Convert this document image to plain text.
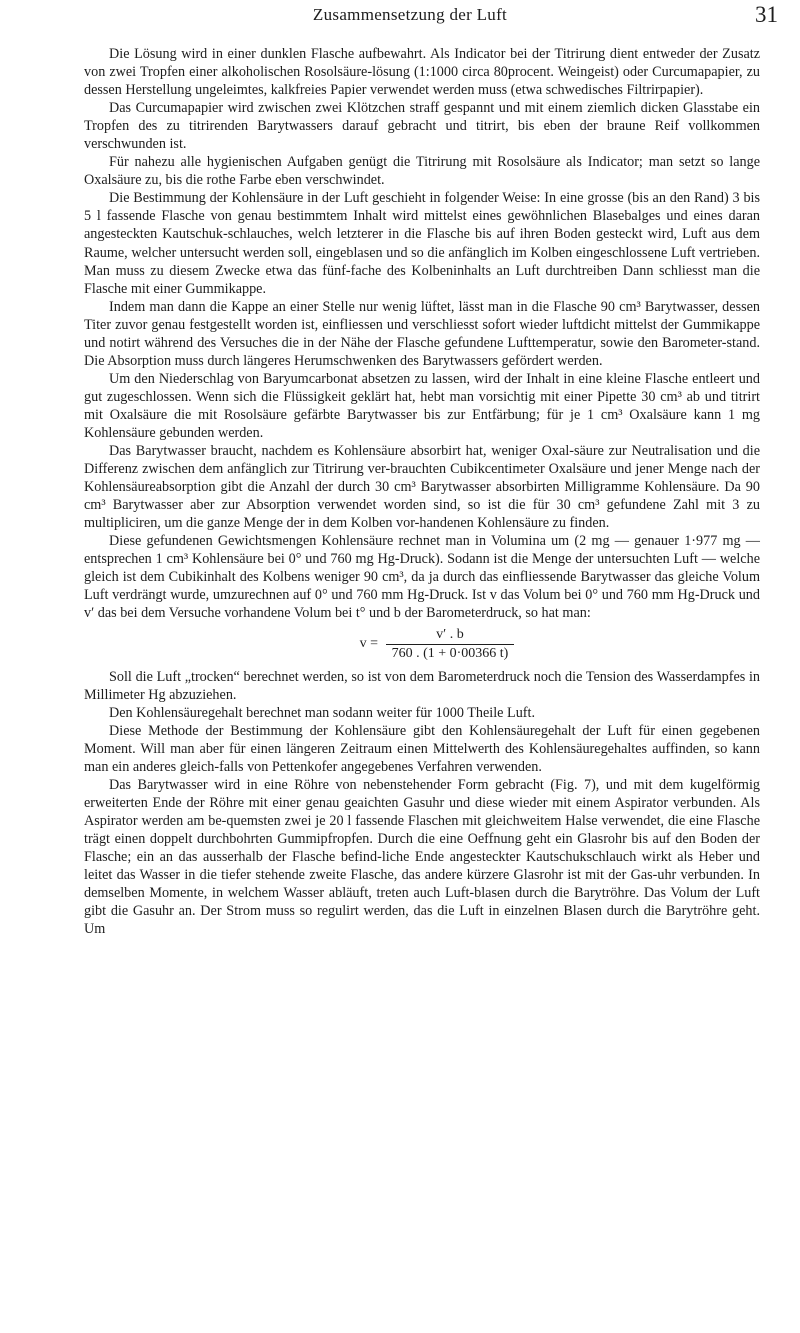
Zusammensetzung der Luft	31

Die Lösung wird in einer dunklen Flasche aufbewahrt. Als Indicator bei der Titrirung dient entweder der Zusatz von zwei Tropfen einer alkoholischen Rosolsäure-lösung (1:1000 circa 80procent. Weingeist) oder Curcumapapier, zu dessen Herstellung ungeleimtes, kalkfreies Papier verwendet werden muss (etwa schwedisches Filtrirpapier).

Das Curcumapapier wird zwischen zwei Klötzchen straff gespannt und mit einem ziemlich dicken Glasstabe ein Tropfen des zu titrirenden Barytwassers darauf gebracht und titrirt, bis eben der braune Reif vollkommen verschwunden ist.

Für nahezu alle hygienischen Aufgaben genügt die Titrirung mit Rosolsäure als Indicator; man setzt so lange Oxalsäure zu, bis die rothe Farbe eben verschwindet.

Die Bestimmung der Kohlensäure in der Luft geschieht in folgender Weise: In eine grosse (bis an den Rand) 3 bis 5 l fassende Flasche von genau bestimmtem Inhalt wird mittelst eines gewöhnlichen Blasebalges und eines daran angesteckten Kautschuk-schlauches, welch letzterer in die Flasche bis auf ihren Boden gesteckt wird, Luft aus dem Raume, welcher untersucht werden soll, eingeblasen und so die anfänglich im Kolben eingeschlossene Luft vertrieben. Man muss zu diesem Zwecke etwa das fünf-fache des Kolbeninhalts an Luft durchtreiben Dann schliesst man die Flasche mit einer Gummikappe.

Indem man dann die Kappe an einer Stelle nur wenig lüftet, lässt man in die Flasche 90 cm³ Barytwasser, dessen Titer zuvor genau festgestellt worden ist, einfliessen und verschliesst sofort wieder luftdicht mittelst der Gummikappe und notirt während des Versuches die in der Nähe der Flasche gefundene Lufttemperatur, sowie den Barometer-stand. Die Absorption muss durch längeres Herumschwenken des Barytwassers gefördert werden.

Um den Niederschlag von Baryumcarbonat absetzen zu lassen, wird der Inhalt in eine kleine Flasche entleert und gut zugeschlossen. Wenn sich die Flüssigkeit geklärt hat, hebt man vorsichtig mit einer Pipette 30 cm³ ab und titrirt mit Oxalsäure die mit Rosolsäure gefärbte Barytwasser bis zur Entfärbung; für je 1 cm³ Oxalsäure kann 1 mg Kohlensäure gebunden werden.

Das Barytwasser braucht, nachdem es Kohlensäure absorbirt hat, weniger Oxal-säure zur Neutralisation und die Differenz zwischen dem anfänglich zur Titrirung ver-brauchten Cubikcentimeter Oxalsäure und jener Menge nach der Kohlensäureabsorption gibt die Anzahl der durch 30 cm³ Barytwasser absorbirten Milligramme Kohlensäure. Da 90 cm³ Barytwasser aber zur Absorption verwendet worden sind, so ist die für 30 cm³ gefundene Zahl mit 3 zu multipliciren, um die ganze Menge der in dem Kolben vor-handenen Kohlensäure zu finden.

Diese gefundenen Gewichtsmengen Kohlensäure rechnet man in Volumina um (2 mg — genauer 1·977 mg — entsprechen 1 cm³ Kohlensäure bei 0° und 760 mg Hg-Druck). Sodann ist die Menge der untersuchten Luft — welche gleich ist dem Cubikinhalt des Kolbens weniger 90 cm³, da ja durch das einfliessende Barytwasser das gleiche Volum Luft verdrängt wurde, umzurechnen auf 0° und 760 mm Hg-Druck. Ist v das Volum bei 0° und 760 mm Hg-Druck und v′ das bei dem Versuche vorhandene Volum bei t° und b der Barometerdruck, so hat man:

$v = \frac{v' . b}{760 . (1 + 0\cdot 00366 t)}$

Soll die Luft „trocken“ berechnet werden, so ist von dem Barometerdruck noch die Tension des Wasserdampfes in Millimeter Hg abzuziehen.

Den Kohlensäuregehalt berechnet man sodann weiter für 1000 Theile Luft.

Diese Methode der Bestimmung der Kohlensäure gibt den Kohlensäuregehalt der Luft für einen gegebenen Moment. Will man aber für einen längeren Zeitraum einen Mittelwerth des Kohlensäuregehaltes auffinden, so kann man ein anderes gleich-falls von Pettenkofer angegebenes Verfahren verwenden.

Das Barytwasser wird in eine Röhre von nebenstehender Form gebracht (Fig. 7), und mit dem kugelförmig erweiterten Ende der Röhre mit einer genau geaichten Gasuhr und diese wieder mit einem Aspirator verbunden. Als Aspirator werden am be-quemsten zwei je 20 l fassende Flaschen mit gleichweitem Halse verwendet, die eine Flasche trägt einen doppelt durchbohrten Gummipfropfen. Durch die eine Oeffnung geht ein Glasrohr bis auf den Boden der Flasche; ein an das ausserhalb der Flasche befind-liche Ende angesteckter Kautschukschlauch wirkt als Heber und leitet das Wasser in die tiefer stehende zweite Flasche, das andere kürzere Glasrohr ist mit der Gas-uhr verbunden. In demselben Momente, in welchem Wasser abläuft, treten auch Luft-blasen durch die Barytröhre. Das Volum der Luft gibt die Gasuhr an. Der Strom muss so regulirt werden, das die Luft in einzelnen Blasen durch die Barytröhre geht. Um
